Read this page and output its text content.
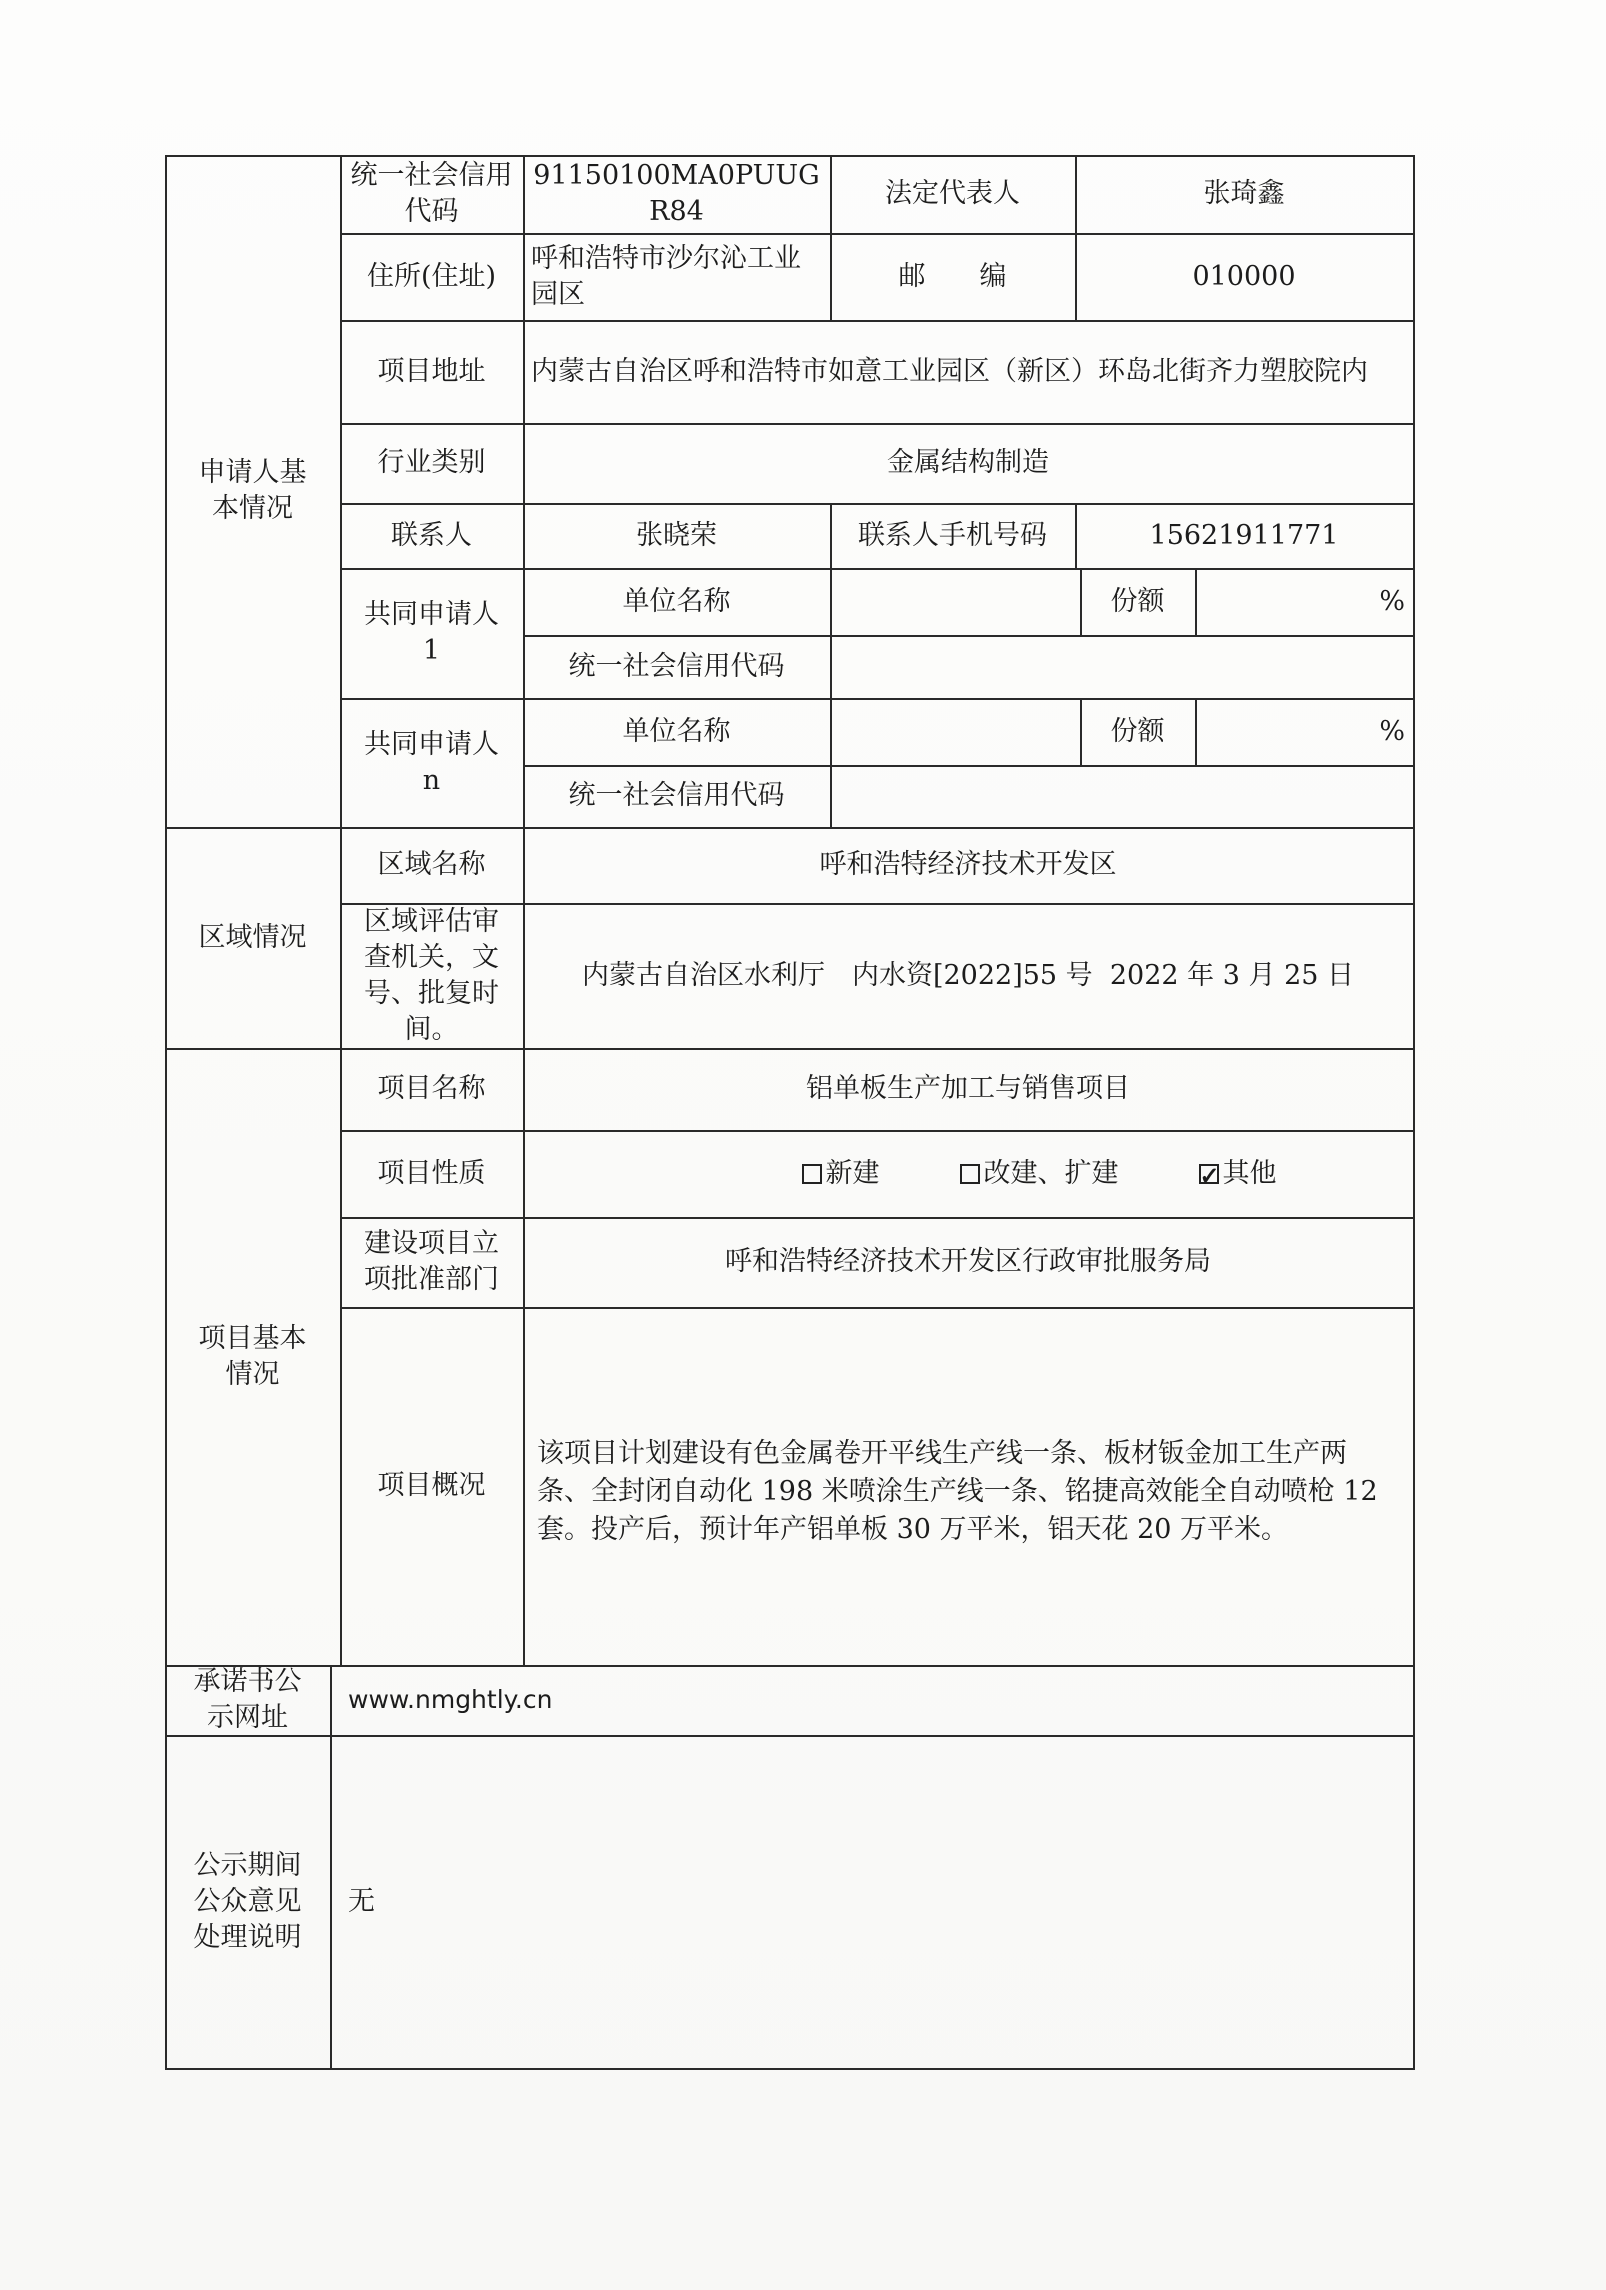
申请人基本情况
统一社会信用代码
91150100MA0PUUGR84
法定代表人	张琦鑫
住所(住址)
呼和浩特市沙尔沁工业园区
邮　　编	010000
项目地址 内蒙古自治区呼和浩特市如意工业园区（新区）环岛北街齐力塑胶院内
行业类别	金属结构制造
联系人	张晓荣	联系人手机号码	15621911771
共同申请人1
单位名称	份额	%
统一社会信用代码
共同申请人n
单位名称	份额	%
统一社会信用代码
区域情况
区域名称	呼和浩特经济技术开发区
区域评估审查机关，文号、批复时间。
内蒙古自治区水利厅　内水资[2022]55 号  2022 年 3 月 25 日
项目基本情况
项目名称	铝单板生产加工与销售项目
项目性质	新建	改建、扩建
✓	其他
建设项目立项批准部门
呼和浩特经济技术开发区行政审批服务局
项目概况
该项目计划建设有色金属卷开平线生产线一条、板材钣金加工生产两条、全封闭自动化 198 米喷涂生产线一条、铭捷高效能全自动喷枪 12 套。投产后，预计年产铝单板 30 万平米，铝天花 20 万平米。
承诺书公示网址
www.nmghtly.cn
公示期间公众意见处理说明
无
